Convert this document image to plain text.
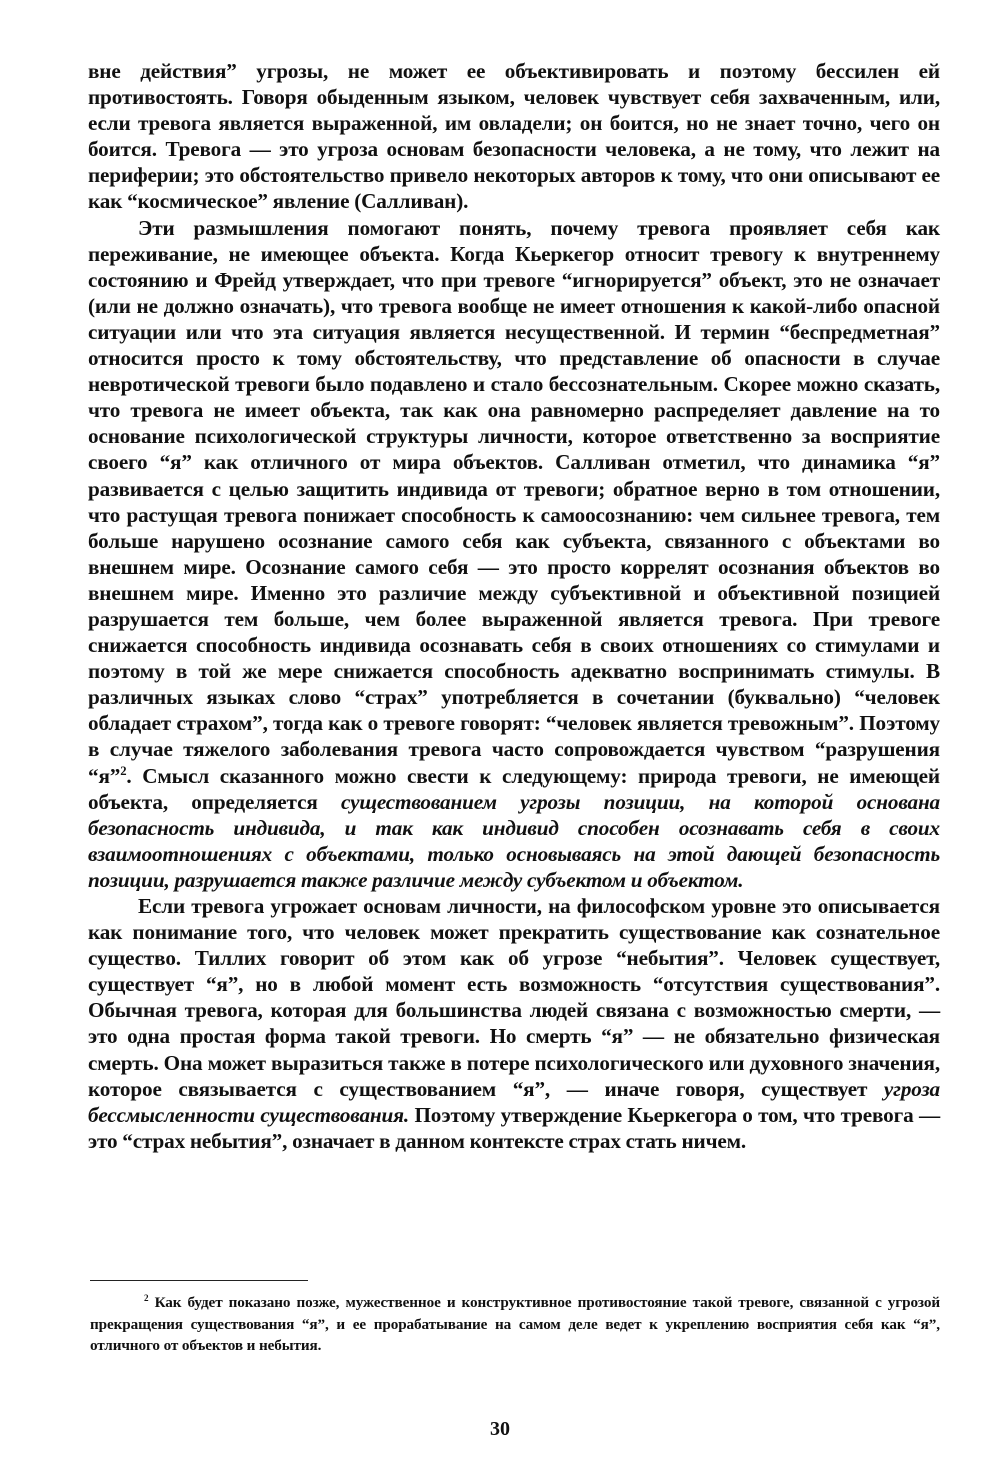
вне действия” угрозы, не может ее объективировать и поэтому бессилен ей противостоять. Говоря обыденным языком, человек чувствует себя захваченным, или, если тревога является выраженной, им овладели; он боится, но не знает точно, чего он боится. Тревога — это угроза основам безопасности человека, а не тому, что лежит на периферии; это обстоятельство привело некоторых авторов к тому, что они описывают ее как “космическое” явление (Салливан).

Эти размышления помогают понять, почему тревога проявляет себя как переживание, не имеющее объекта. Когда Кьеркегор относит тревогу к внутреннему состоянию и Фрейд утверждает, что при тревоге “игнорируется” объект, это не означает (или не должно означать), что тревога вообще не имеет отношения к какой-либо опасной ситуации или что эта ситуация является несущественной. И термин “беспредметная” относится просто к тому обстоятельству, что представление об опасности в случае невротической тревоги было подавлено и стало бессознательным. Скорее можно сказать, что тревога не имеет объекта, так как она равномерно распределяет давление на то основание психологической структуры личности, которое ответственно за восприятие своего “я” как отличного от мира объектов. Салливан отметил, что динамика “я” развивается с целью защитить индивида от тревоги; обратное верно в том отношении, что растущая тревога понижает способность к самоосознанию: чем сильнее тревога, тем больше нарушено осознание самого себя как субъекта, связанного с объектами во внешнем мире. Осознание самого себя — это просто коррелят осознания объектов во внешнем мире. Именно это различие между субъективной и объективной позицией разрушается тем больше, чем более выраженной является тревога. При тревоге снижается способность индивида осознавать себя в своих отношениях со стимулами и поэтому в той же мере снижается способность адекватно воспринимать стимулы. В различных языках слово “страх” употребляется в сочетании (буквально) “человек обладает страхом”, тогда как о тревоге говорят: “человек является тревожным”. Поэтому в случае тяжелого заболевания тревога часто сопровождается чувством “разрушения “я”$^2$. Смысл сказанного можно свести к следующему: природа тревоги, не имеющей объекта, определяется существованием угрозы позиции, на которой основана безопасность индивида, и так как индивид способен осознавать себя в своих взаимоотношениях с объектами, только основываясь на этой дающей безопасность позиции, разрушается также различие между субъектом и объектом.

Если тревога угрожает основам личности, на философском уровне это описывается как понимание того, что человек может прекратить существование как сознательное существо. Тиллих говорит об этом как об угрозе “небытия”. Человек существует, существует “я”, но в любой момент есть возможность “отсутствия существования”. Обычная тревога, которая для большинства людей связана с возможностью смерти, — это одна простая форма такой тревоги. Но смерть “я” — не обязательно физическая смерть. Она может выразиться также в потере психологического или духовного значения, которое связывается с существованием “я”, — иначе говоря, существует угроза бессмысленности существования. Поэтому утверждение Кьеркегора о том, что тревога — это “страх небытия”, означает в данном контексте страх стать ничем.

$^2$ Как будет показано позже, мужественное и конструктивное противостояние такой тревоге, связанной с угрозой прекращения существования “я”, и ее прорабатывание на самом деле ведет к укреплению восприятия себя как “я”, отличного от объектов и небытия.
30
